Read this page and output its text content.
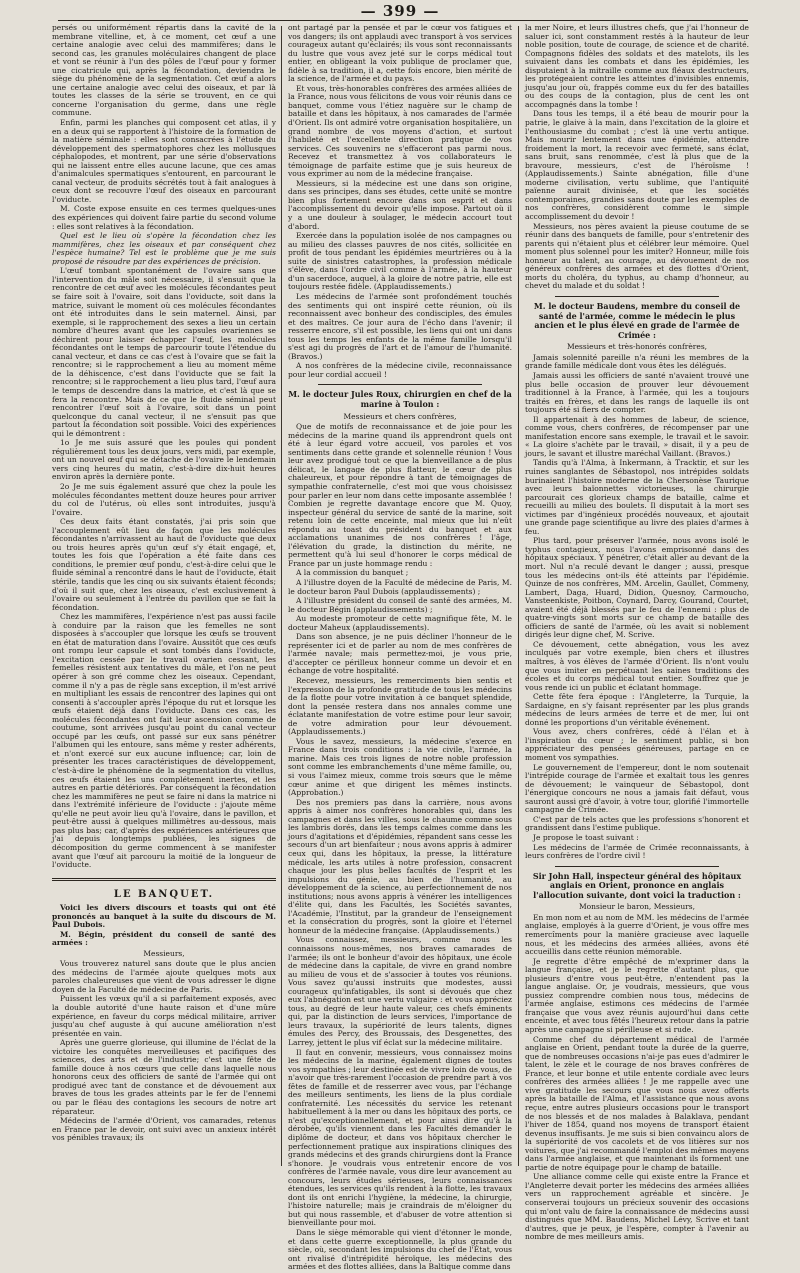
— 399 —

persés ou uniformément répartis dans la cavité de la membrane vitelline, et, à ce moment, cet œuf a une certaine analogie avec celui des mammifères; dans le second cas, les granules moléculaires changent de place et vont se réunir à l'un des pôles de l'œuf pour y former une cicatricule qui, après la fécondation, deviendra le siège du phénomène de la segmentation. Cet œuf a alors une certaine analogie avec celui des oiseaux, et par là toutes les classes de la série se trouvent, en ce qui concerne l'organisation du germe, dans une règle commune.

Enfin, parmi les planches qui composent cet atlas, il y en a deux qui se rapportent à l'histoire de la formation de la matière séminale : elles sont consacrées à l'étude du développement des spermatophores chez les mollusques céphalopodes, et montrent, par une série d'observations qui ne laissent entre elles aucune lacune, que ces amas d'animalcules spermatiques s'entourent, en parcourant le canal vecteur, de produits sécrétés tout à fait analogues à ceux dont se recouvre l'œuf des oiseaux en parcourant l'oviducte.

M. Coste expose ensuite en ces termes quelques-unes des expériences qui doivent faire partie du second volume : elles sont relatives à la fécondation.

Quel est le lieu où s'opère la fécondation chez les mammifères, chez les oiseaux et par conséquent chez l'espèce humaine? Tel est le problème que je me suis proposé de résoudre par des expériences de précision.

L'œuf tombant spontanément de l'ovaire sans que l'intervention du mâle soit nécessaire, il s'ensuit que la rencontre de cet œuf avec les molécules fécondantes peut se faire soit à l'ovaire, soit dans l'oviducte, soit dans la matrice, suivant le moment où ces molécules fécondantes ont été introduites dans le sein maternel. Ainsi, par exemple, si le rapprochement des sexes a lieu un certain nombre d'heures avant que les capsules ovariennes se déchirent pour laisser échapper l'œuf, les molécules fécondantes ont le temps de parcourir toute l'étendue du canal vecteur, et dans ce cas c'est à l'ovaire que se fait la rencontre; si le rapprochement a lieu au moment même de la déhiscence, c'est dans l'oviducte que se fait la rencontre; si le rapprochement a lieu plus tard, l'œuf aura le temps de descendre dans la matrice, et c'est là que se fera la rencontre. Mais de ce que le fluide séminal peut rencontrer l'œuf soit à l'ovaire, soit dans un point quelconque du canal vecteur, il ne s'ensuit pas que partout la fécondation soit possible. Voici des expériences qui le démontrent :

1o Je me suis assuré que les poules qui pondent régulièrement tous les deux jours, vers midi, par exemple, ont un nouvel œuf qui se détache de l'ovaire le lendemain vers cinq heures du matin, c'est-à-dire dix-huit heures environ après la dernière ponte.

2o Je me suis également assuré que chez la poule les molécules fécondantes mettent douze heures pour arriver du col de l'utérus, où elles sont introduites, jusqu'à l'ovaire.

Ces deux faits étant constatés, j'ai pris soin que l'accouplement eût lieu de façon que les molécules fécondantes n'arrivassent au haut de l'oviducte que deux ou trois heures après qu'un œuf s'y était engagé, et, toutes les fois que l'opération a été faite dans ces conditions, le premier œuf pondu, c'est-à-dire celui que le fluide séminal a rencontré dans le haut de l'oviducte, était stérile, tandis que les cinq ou six suivants étaient féconds; d'où il suit que, chez les oiseaux, c'est exclusivement à l'ovaire ou seulement à l'entrée du pavillon que se fait la fécondation.

Chez les mammifères, l'expérience n'est pas aussi facile à conduire par la raison que les femelles ne sont disposées à s'accoupler que lorsque les œufs se trouvent en état de maturation dans l'ovaire. Aussitôt que ces œufs ont rompu leur capsule et sont tombés dans l'oviducte, l'excitation cessée par le travail ovarien cessant, les femelles résistent aux tentatives du mâle, et l'on ne peut opérer à son gré comme chez les oiseaux. Cependant, comme il n'y a pas de règle sans exception, il m'est arrivé en multipliant les essais de rencontrer des lapines qui ont consenti à s'accoupler après l'époque du rut et lorsque les œufs étaient déjà dans l'oviducte. Dans ces cas, les molécules fécondantes ont fait leur ascension comme de coutume, sont arrivées jusqu'au point du canal vecteur occupé par les œufs, ont passé sur eux sans pénétrer l'albumen qui les entoure, sans même y rester adhérents, et n'ont exercé sur eux aucune influence; car, loin de présenter les traces caractéristiques de développement, c'est-à-dire le phénomène de la segmentation du vitellus, ces œufs étaient les uns complétement inertes, et les autres en partie détériorés. Par conséquent la fécondation chez les mammifères ne peut se faire ni dans la matrice ni dans l'extrémité inférieure de l'oviducte : j'ajoute même qu'elle ne peut avoir lieu qu'à l'ovaire, dans le pavillon, et peut-être aussi à quelques millimètres au-dessous, mais pas plus bas; car, d'après des expériences antérieures que j'ai depuis longtemps publiées, les signes de décomposition du germe commencent à se manifester avant que l'œuf ait parcouru la moitié de la longueur de l'oviducte.

LE BANQUET.

Voici les divers discours et toasts qui ont été prononcés au banquet à la suite du discours de M. Paul Dubois.

M. Bégin, président du conseil de santé des armées :

Messieurs,

Vous trouverez naturel sans doute que le plus ancien des médecins de l'armée ajoute quelques mots aux paroles chaleureuses que vient de vous adresser le digne doyen de la Faculté de médecine de Paris.

Puissent les vœux qu'il a si parfaitement exposés, avec la double autorité d'une haute raison et d'une mûre expérience, en faveur du corps médical militaire, arriver jusqu'au chef auguste à qui aucune amélioration n'est présentée en vain.

Après une guerre glorieuse, qui illumine de l'éclat de la victoire les conquêtes merveilleuses et pacifiques des sciences, des arts et de l'industrie; c'est une fête de famille douce à nos cœurs que celle dans laquelle nous honorons ceux des officiers de santé de l'armée qui ont prodigué avec tant de constance et de dévouement aux braves de tous les grades atteints par le fer de l'ennemi ou par le fléau des contagions les secours de notre art réparateur.

Médecins de l'armée d'Orient, vos camarades, retenus en France par le devoir, ont suivi avec un anxieux intérêt vos pénibles travaux; ils

ont partagé par la pensée et par le cœur vos fatigues et vos dangers; ils ont applaudi avec transport à vos services courageux autant qu'éclairés; ils vous sont reconnaissants du lustre que vous avez jeté sur le corps médical tout entier, en obligeant la voix publique de proclamer que, fidèle à sa tradition, il a, cette fois encore, bien mérité de la science, de l'armée et du pays.

Et vous, très-honorables confrères des armées alliées de la France, nous vous félicitons de vous voir réunis dans ce banquet, comme vous l'étiez naguère sur le champ de bataille et dans les hôpitaux, à nos camarades de l'armée d'Orient. Ils ont admiré votre organisation hospitalière, un grand nombre de vos moyens d'action, et surtout l'habileté et l'excellente direction pratique de vos services. Ces souvenirs ne s'effaceront pas parmi nous. Recevez et transmettez à vos collaborateurs le témoignage de parfaite estime que je suis heureux de vous exprimer au nom de la médecine française.

Messieurs, si la médecine est une dans son origine, dans ses principes, dans ses études, cette unité se montre bien plus fortement encore dans son esprit et dans l'accomplissement du devoir qu'elle impose. Partout où il y a une douleur à soulager, le médecin accourt tout d'abord.

Exercée dans la population isolée de nos campagnes ou au milieu des classes pauvres de nos cités, sollicitée en profit de tous pendant les épidémies meurtrières ou à la suite de sinistres catastrophes, la profession médicale s'élève, dans l'ordre civil comme à l'armée, à la hauteur d'un sacerdoce, auquel, à la gloire de notre patrie, elle est toujours restée fidèle. (Applaudissements.)

Les médecins de l'armée sont profondément touchés des sentiments qui ont inspiré cette réunion, où ils reconnaissent avec bonheur des condisciples, des émules et des maîtres. Ce jour aura de l'écho dans l'avenir; il resserre encore, s'il est possible, les liens qui ont uni dans tous les temps les enfants de la même famille lorsqu'il s'est agi du progrès de l'art et de l'amour de l'humanité. (Bravos.)

A nos confrères de la médecine civile, reconnaissance pour leur cordial accueil !

M. le docteur Jules Roux, chirurgien en chef de la marine à Toulon :

Messieurs et chers confrères,

Que de motifs de reconnaissance et de joie pour les médecins de la marine quand ils apprendront quels ont été à leur égard votre accueil, vos paroles et vos sentiments dans cette grande et solennelle réunion ! Vous leur avez prodigué tout ce que la bienveillance a de plus délicat, le langage de plus flatteur, le cœur de plus chaleureux, et pour répondre à tant de témoignages de sympathie confraternelle, c'est moi que vous choisissez pour parler en leur nom dans cette imposante assemblée ! Combien je regrette davantage encore que M. Quoy, inspecteur général du service de santé de la marine, soit retenu loin de cette enceinte, mal mieux que lui n'eût répondu au toast du président du banquet et aux acclamations unanimes de nos confrères ! l'âge, l'élévation du grade, la distinction du mérite, ne permettent qu'à lui seul d'honorer le corps médical de France par un juste hommage rendu :

A la commission du banquet ;

A l'illustre doyen de la Faculté de médecine de Paris, M. le docteur baron Paul Dubois (applaudissements) ;

A l'illustre président du conseil de santé des armées, M. le docteur Bégin (applaudissements) ;

Au modeste promoteur de cette magnifique fête, M. le docteur Maheux (applaudissements).

Dans son absence, je ne puis décliner l'honneur de le représenter ici et de parler au nom de mes confrères de l'armée navale; mais permettez-moi, je vous prie, d'accepter ce périlleux honneur comme un devoir et en échange de votre hospitalité.

Recevez, messieurs, les remerciments bien sentis et l'expression de la profonde gratitude de tous les médecins de la flotte pour votre invitation à ce banquet splendide, dont la pensée restera dans nos annales comme une éclatante manifestation de votre estime pour leur savoir, de votre admiration pour leur dévouement. (Applaudissements.)

Vous le savez, messieurs, la médecine s'exerce en France dans trois conditions : la vie civile, l'armée, la marine. Mais ces trois lignes de notre noble profession sont comme les embranchements d'une même famille, ou, si vous l'aimez mieux, comme trois sœurs que le même cœur anime et que dirigent les mêmes instincts. (Approbation.)

Des nos premiers pas dans la carrière, nous avons appris à aimer nos confrères honorables qui, dans les campagnes et dans les villes, sous le chaume comme sous les lambris dorés, dans les temps calmes comme dans les jours d'agitations et d'épidémies, répandent sans cesse les secours d'un art bienfaiteur ; nous avons appris à admirer ceux qui, dans les hôpitaux, la presse, la littérature médicale, les arts utiles à notre profession, consacrent chaque jour les plus belles facultés de l'esprit et les impulsions du génie, au bien de l'humanité, au développement de la science, au perfectionnement de nos institutions; nous avons appris à vénérer les intelligences d'élite qui, dans les Facultés, les Sociétés savantes, l'Académie, l'Institut, par la grandeur de l'enseignement et la consécration du progrès, sont la gloire et l'éternel honneur de la médecine française. (Applaudissements.)

Vous connaissez, messieurs, comme nous les connaissons nous-mêmes, nos braves camarades de l'armée; ils ont le bonheur d'avoir des hôpitaux, une école de médecine dans la capitale, de vivre en grand nombre au milieu de vous et de s'associer à toutes vos réunions. Vous savez qu'aussi instruits que modestes, aussi courageux qu'infatigables, ils sont si dévoués que chez eux l'abnégation est une vertu vulgaire : et vous appréciez tous, au degré de leur haute valeur, ces chefs éminents qui, par la distinction de leurs services, l'importance de leurs travaux, la supériorité de leurs talents, dignes émules des Percy, des Broussais, des Desgenettes, des Larrey, jettent le plus vif éclat sur la médecine militaire.

Il faut en convenir, messieurs, vous connaissez moins les médecins de la marine, également dignes de toutes vos sympathies ; leur destinée est de vivre loin de vous, de n'avoir que très-rarement l'occasion de prendre part à vos fêtes de famille et de resserrer avec vous, par l'échange des meilleurs sentiments, les liens de la plus cordiale confraternité. Les nécessités du service les retenant habituellement à la mer ou dans les hôpitaux des ports, ce n'est qu'exceptionnellement, et pour ainsi dire qu'à la dérobée, qu'ils viennent dans les Facultés demander le diplôme de docteur, et dans vos hôpitaux chercher le perfectionnement pratique aux inspirations cliniques des grands médecins et des grands chirurgiens dont la France s'honore. Je voudrais vous entretenir encore de vos confrères de l'armée navale, vous dire leur avancement au concours, leurs études sérieuses, leurs connaissances étendues, les services qu'ils rendent à la flotte, les travaux dont ils ont enrichi l'hygiène, la médecine, la chirurgie, l'histoire naturelle; mais je craindrais de m'éloigner du but qui nous rassemble, et d'abuser de votre attention si bienveillante pour moi.

Dans le siège mémorable qui vient d'étonner le monde, et dans cette guerre exceptionnelle, la plus grande du siècle, où, secondant les impulsions du chef de l'État, vous ont rivalisé d'intrépidité héroïque, les médecins des armées et des flottes alliées, dans la Baltique comme dans

la mer Noire, et leurs illustres chefs, que j'ai l'honneur de saluer ici, sont constamment restés à la hauteur de leur noble position, toute de courage, de science et de charité. Compagnons fidèles des soldats et des matelots, ils les suivaient dans les combats et dans les épidémies, les disputaient à la mitraille comme aux fléaux destructeurs, les protégeaient contre les atteintes d'invisibles ennemis, jusqu'au jour où, frappés comme eux du fer des batailles ou des coups de la contagion, plus de cent les ont accompagnés dans la tombe !

Dans tous les temps, il a été beau de mourir pour la patrie, le glaive à la main, dans l'excitation de la gloire et l'enthousiasme du combat ; c'est là une vertu antique. Mais mourir lentement dans une épidémie, attendre froidement la mort, la recevoir avec fermeté, sans éclat, sans bruit, sans renommée, c'est là plus que de la bravoure, messieurs, c'est de l'héroïsme ! (Applaudissements.) Sainte abnégation, fille d'une moderne civilisation, vertu sublime, que l'antiquité païenne aurait divinisée, et que les sociétés contemporaines, grandies sans doute par les exemples de nos confrères, considèrent comme le simple accomplissement du devoir !

Messieurs, nos pères avaient la pieuse coutume de se réunir dans des banquets de famille, pour s'entretenir des parents qui n'étaient plus et célébrer leur mémoire. Quel moment plus solennel pour les imiter? Honneur, mille fois honneur au talent, au courage, au dévouement de nos généreux confrères des armées et des flottes d'Orient, morts du choléra, du typhus, au champ d'honneur, au chevet du malade et du soldat !

M. le docteur Baudens, membre du conseil de santé de l'armée, comme le médecin le plus ancien et le plus élevé en grade de l'armée de Crimée :

Messieurs et très-honorés confrères,

Jamais solennité pareille n'a réuni les membres de la grande famille médicale dont vous êtes les délégués.

Jamais aussi les officiers de santé n'avaient trouvé une plus belle occasion de prouver leur dévouement traditionnel à la France, à l'armée, qui les a toujours traités en frères, et dans les rangs de laquelle ils ont toujours été si fiers de compter.

Il appartenait à des hommes de labeur, de science, comme vous, chers confrères, de récompenser par une manifestation encore sans exemple, le travail et le savoir. « La gloire s'achète par le travail, » disait, il y a peu de jours, le savant et illustre maréchal Vaillant. (Bravos.)

Tandis qu'à l'Alma, à Inkermann, à Tracktir, et sur les ruines sanglantes de Sébastopol, nos intrépides soldats burinaient l'histoire moderne de la Chersonèse Taurique avec leurs baïonnettes victorieuses, la chirurgie parcourait ces glorieux champs de bataille, calme et recueilli au milieu des boulets. Il disputait à la mort ses victimes par d'ingénieux procédés nouveaux, et ajoutait une grande page scientifique au livre des plaies d'armes à feu.

Plus tard, pour préserver l'armée, nous avons isolé le typhus contagieux, nous l'avons emprisonné dans des hôpitaux spéciaux. Y pénétrer, c'était aller au devant de la mort. Nul n'a reculé devant le danger ; aussi, presque tous les médecins ont-ils été atteints par l'épidémie. Quinze de nos confrères, MM. Arcelin, Gaullet, Commeny, Lambert, Daga, Huard, Didion, Quesnoy, Carmoucho, Vansteenkiste, Poitbon, Coynard, Darcy, Gourand, Courtet, avaient été déjà blessés par le feu de l'ennemi : plus de quatre-vingts sont morts sur ce champ de bataille des officiers de santé de l'armée, où les avait si noblement dirigés leur digne chef, M. Scrive.

Ce dévouement, cette abnégation, vous les avez inculqués par votre exemple, bien chers et illustres maîtres, à vos élèves de l'armée d'Orient. Ils n'ont voulu que vous imiter en perpétuant les saines traditions des écoles et du corps médical tout entier. Souffrez que je vous rende ici un public et éclatant hommage.

Cette fête fera époque : l'Angleterre, la Turquie, la Sardaigne, en s'y faisant représenter par les plus grands médecins de leurs armées de terre et de mer, lui ont donné les proportions d'un véritable événement.

Vous avez, chers confrères, cédé à l'élan et à l'inspiration du cœur ; le sentiment public, si bon appréciateur des pensées généreuses, partage en ce moment vos sympathies.

Le gouvernement de l'empereur, dont le nom soutenait l'intrépide courage de l'armée et exaltait tous les genres de dévouement; le vainqueur de Sébastopol, dont l'énergique concours ne nous a jamais fait défaut, vous sauront aussi gré d'avoir, à votre tour, glorifié l'immortelle campagne de Crimée.

C'est par de tels actes que les professions s'honorent et grandissent dans l'estime publique.

Je propose le toast suivant :

Les médecins de l'armée de Crimée reconnaissants, à leurs confrères de l'ordre civil !

Sir John Hall, inspecteur général des hôpitaux anglais en Orient, prononce en anglais l'allocution suivante, dont voici la traduction :

Monsieur le baron, Messieurs,

En mon nom et au nom de MM. les médecins de l'armée anglaise, employés à la guerre d'Orient, je vous offre mes remercîments pour la manière gracieuse avec laquelle nous, et les médecins des armées alliées, avons été accueillis dans cette réunion mémorable.

Je regrette d'être empêché de m'exprimer dans la langue française, et je le regrette d'autant plus, que plusieurs d'entre vous peut-être, n'entendent pas la langue anglaise. Or, je voudrais, messieurs, que vous pussiez comprendre combien nous tous, médecins de l'armée anglaise, estimons ces médecins de l'armée française que vous avez réunis aujourd'hui dans cette enceinte, et avec tous fêtés l'heureux retour dans la patrie après une campagne si périlleuse et si rude.

Comme chef du département médical de l'armée anglaise en Orient, pendant toute la durée de la guerre, que de nombreuses occasions n'ai-je pas eues d'admirer le talent, le zèle et le courage de nos braves confrères de France, et leur bonne et utile entente cordiale avec leurs confrères des armées alliées ! Je me rappelle avec une vive gratitude les secours que vous nous avez offerts après la bataille de l'Alma, et l'assistance que nous avons reçue, entre autres plusieurs occasions pour le transport de nos blessés et de nos malades à Balaklava, pendant l'hiver de 1854, quand nos moyens de transport étaient devenus insuffisants. Je me suis si bien convaincu alors de la supériorité de vos cacolets et de vos litières sur nos voitures, que j'ai recommandé l'emploi des mêmes moyens dans l'armée anglaise, et que maintenant ils forment une partie de notre équipage pour le champ de bataille.

Une alliance comme celle qui existe entre la France et l'Angleterre devait porter les médecins des armées alliées vers un rapprochement agréable et sincère. Je conserverai toujours un précieux souvenir des occasions qui m'ont valu de faire la connaissance de médecins aussi distingués que MM. Baudens, Michel Lévy, Scrive et tant d'autres, que je peux, je l'espère, compter à l'avenir au nombre de mes meilleurs amis.
